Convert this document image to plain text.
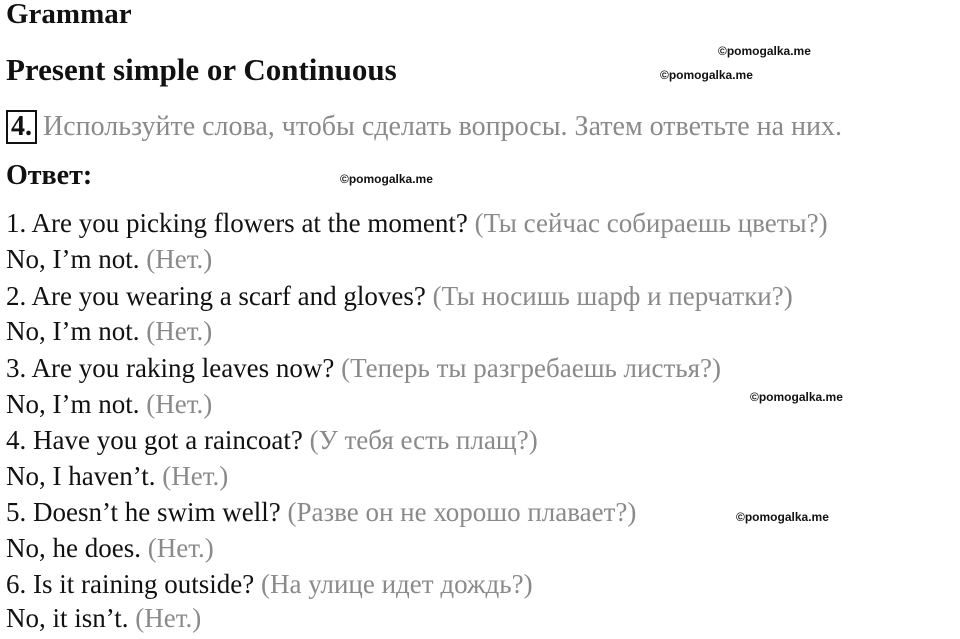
Grammar
Present simple or Continuous
©pomogalka.me
©pomogalka.me
4. Используйте слова, чтобы сделать вопросы. Затем ответьте на них.
Ответ:	©pomogalka.me
1. Are you picking flowers at the moment? (Ты сейчас собираешь цветы?)
No, I’m not. (Нет.)
2. Are you wearing a scarf and gloves? (Ты носишь шарф и перчатки?)
No, I’m not. (Нет.)
3. Are you raking leaves now? (Теперь ты разгребаешь листья?)
No, I’m not. (Нет.)	©pomogalka.me
4. Have you got a raincoat? (У тебя есть плащ?)
No, I haven’t. (Нет.)
5. Doesn’t he swim well? (Разве он не хорошо плавает?)	©pomogalka.me
No, he does. (Нет.)
6. Is it raining outside? (На улице идет дождь?)
No, it isn’t. (Нет.)
